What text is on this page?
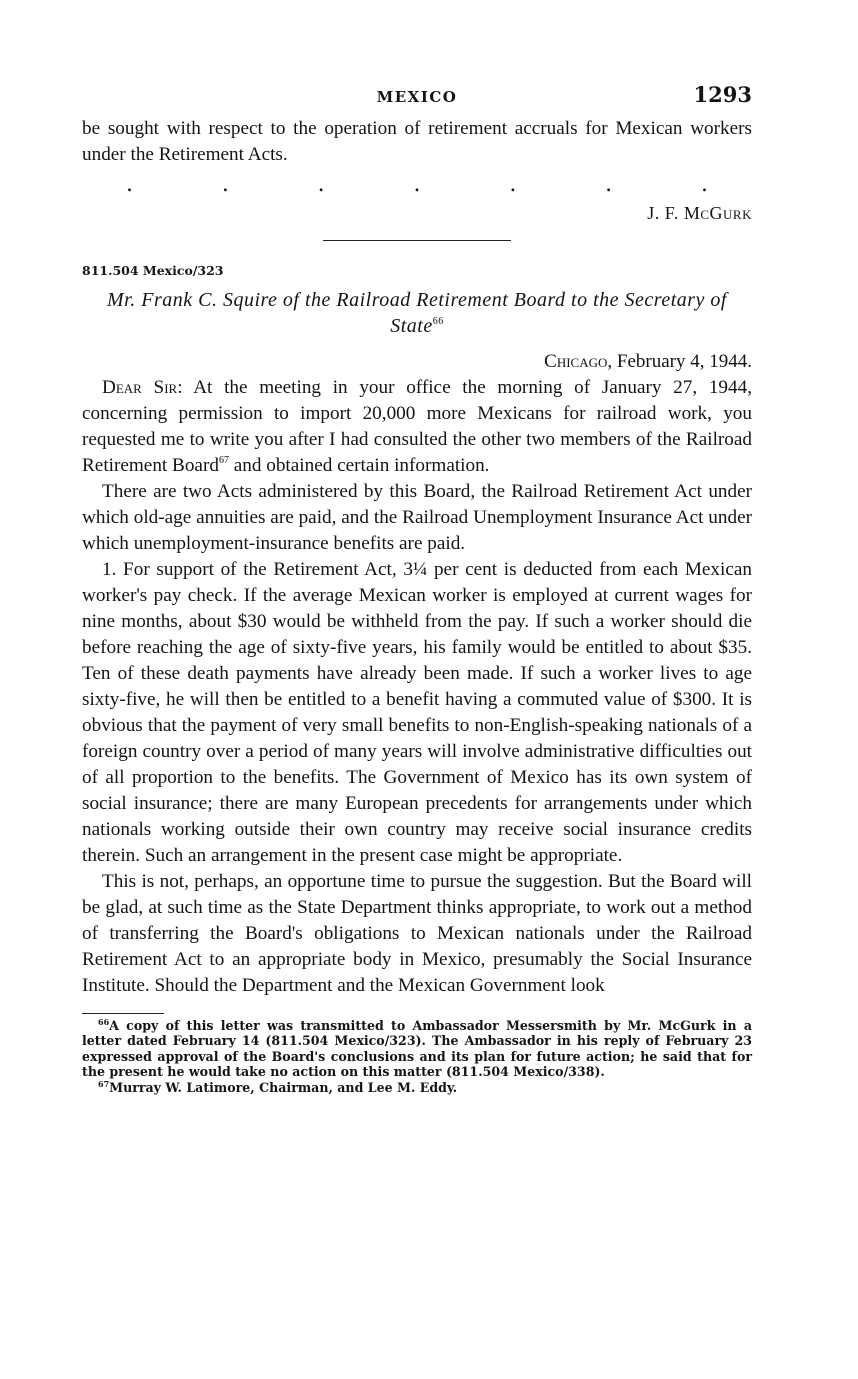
MEXICO	1293

be sought with respect to the operation of retirement accruals for Mexican workers under the Retirement Acts.

.	.	.	.	.	.	.
J. F. McGurk
811.504 Mexico/323
Mr. Frank C. Squire of the Railroad Retirement Board to the Secretary of State$^{66}$
Chicago, February 4, 1944.

Dear Sir: At the meeting in your office the morning of January 27, 1944, concerning permission to import 20,000 more Mexicans for railroad work, you requested me to write you after I had consulted the other two members of the Railroad Retirement Board$^{67}$ and obtained certain information.

There are two Acts administered by this Board, the Railroad Retirement Act under which old-age annuities are paid, and the Railroad Unemployment Insurance Act under which unemployment-insurance benefits are paid.

1. For support of the Retirement Act, 3¼ per cent is deducted from each Mexican worker's pay check. If the average Mexican worker is employed at current wages for nine months, about $30 would be withheld from the pay. If such a worker should die before reaching the age of sixty-five years, his family would be entitled to about $35. Ten of these death payments have already been made. If such a worker lives to age sixty-five, he will then be entitled to a benefit having a commuted value of $300. It is obvious that the payment of very small benefits to non-English-speaking nationals of a foreign country over a period of many years will involve administrative difficulties out of all proportion to the benefits. The Government of Mexico has its own system of social insurance; there are many European precedents for arrangements under which nationals working outside their own country may receive social insurance credits therein. Such an arrangement in the present case might be appropriate.

This is not, perhaps, an opportune time to pursue the suggestion. But the Board will be glad, at such time as the State Department thinks appropriate, to work out a method of transferring the Board's obligations to Mexican nationals under the Railroad Retirement Act to an appropriate body in Mexico, presumably the Social Insurance Institute. Should the Department and the Mexican Government look

$^{66}$A copy of this letter was transmitted to Ambassador Messersmith by Mr. McGurk in a letter dated February 14 (811.504 Mexico/323). The Ambassador in his reply of February 23 expressed approval of the Board's conclusions and its plan for future action; he said that for the present he would take no action on this matter (811.504 Mexico/338).

$^{67}$Murray W. Latimore, Chairman, and Lee M. Eddy.
